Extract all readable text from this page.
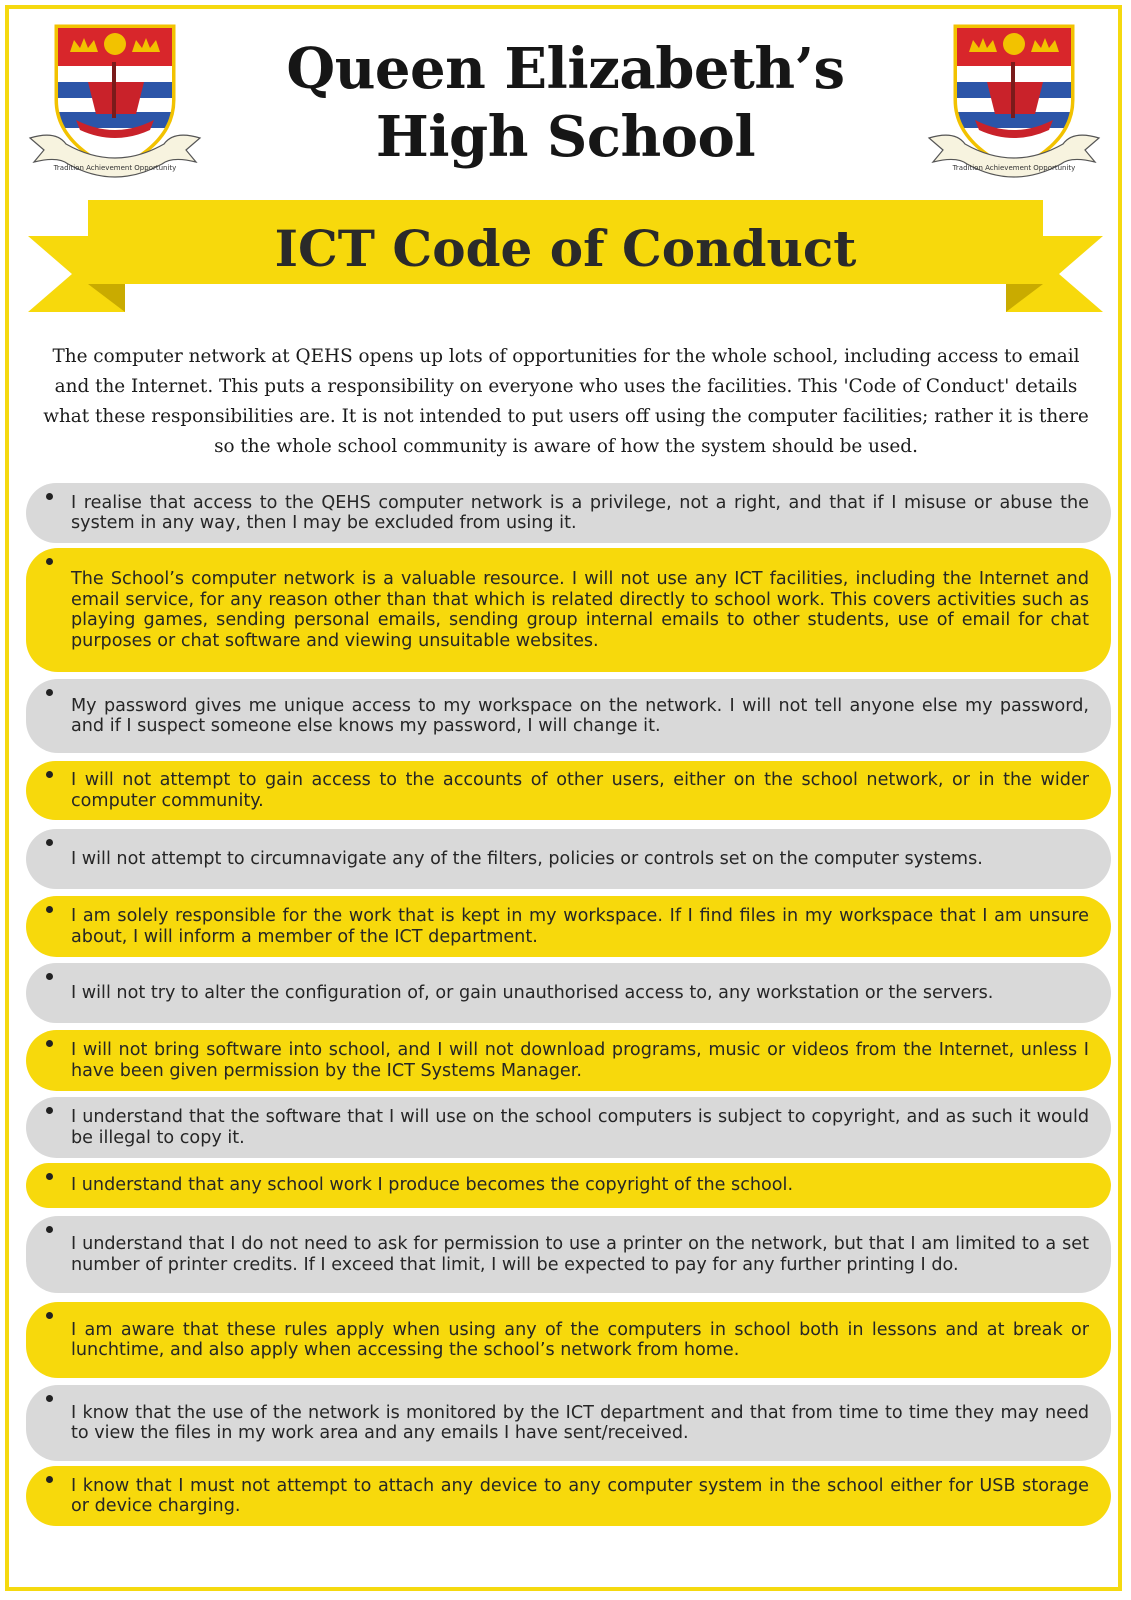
Tradition Achievement Opportunity	Tradition Achievement Opportunity
Queen Elizabeth’s
High School
ICT Code of Conduct
The computer network at QEHS opens up lots of opportunities for the whole school, including access to email and the Internet. This puts a responsibility on everyone who uses the facilities. This 'Code of Conduct' details what these responsibilities are. It is not intended to put users off using the computer facilities; rather it is there so the whole school community is aware of how the system should be used.
I realise that access to the QEHS computer network is a privilege, not a right, and that if I misuse or abuse the system in any way, then I may be excluded from using it.
The School’s computer network is a valuable resource. I will not use any ICT facilities, including the Internet and email service, for any reason other than that which is related directly to school work. This covers activities such as playing games, sending personal emails, sending group internal emails to other students, use of email for chat purposes or chat software and viewing unsuitable websites.
My password gives me unique access to my workspace on the network. I will not tell anyone else my password, and if I suspect someone else knows my password, I will change it.
I will not attempt to gain access to the accounts of other users, either on the school network, or in the wider computer community.
I will not attempt to circumnavigate any of the filters, policies or controls set on the computer systems.
I am solely responsible for the work that is kept in my workspace. If I find files in my workspace that I am unsure about, I will inform a member of the ICT department.
I will not try to alter the configuration of, or gain unauthorised access to, any workstation or the servers.
I will not bring software into school, and I will not download programs, music or videos from the Internet, unless I have been given permission by the ICT Systems Manager.
I understand that the software that I will use on the school computers is subject to copyright, and as such it would be illegal to copy it.
I understand that any school work I produce becomes the copyright of the school.
I understand that I do not need to ask for permission to use a printer on the network, but that I am limited to a set number of printer credits. If I exceed that limit, I will be expected to pay for any further printing I do.
I am aware that these rules apply when using any of the computers in school both in lessons and at break or lunchtime, and also apply when accessing the school’s network from home.
I know that the use of the network is monitored by the ICT department and that from time to time they may need to view the files in my work area and any emails I have sent/received.
I know that I must not attempt to attach any device to any computer system in the school either for USB storage or device charging.
